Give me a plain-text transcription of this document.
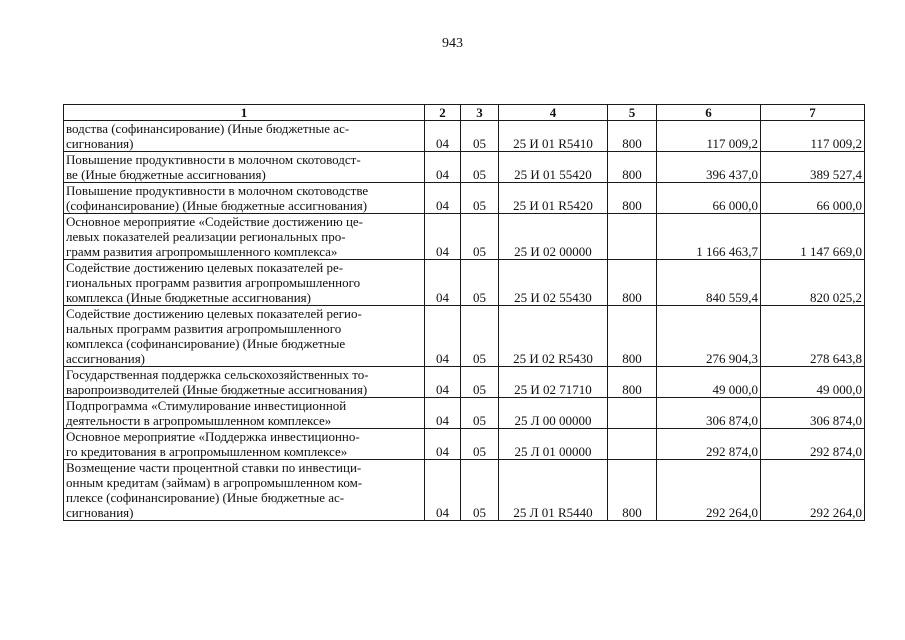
943
1	2	3	4	5	6	7
водства (софинансирование) (Иные бюджетные ас-
сигнования)	04	05	25 И 01 R5410	800	117 009,2	117 009,2
Повышение продуктивности в молочном скотоводст-
ве (Иные бюджетные ассигнования)	04	05	25 И 01 55420	800	396 437,0	389 527,4
Повышение продуктивности в молочном скотоводстве
(софинансирование) (Иные бюджетные ассигнования)	04	05	25 И 01 R5420	800	66 000,0	66 000,0
Основное мероприятие «Содействие достижению це-
левых показателей реализации региональных про-
грамм развития агропромышленного комплекса»	04	05	25 И 02 00000		1 166 463,7	1 147 669,0
Содействие достижению целевых показателей ре-
гиональных программ развития агропромышленного
комплекса (Иные бюджетные ассигнования)	04	05	25 И 02 55430	800	840 559,4	820 025,2
Содействие достижению целевых показателей регио-
нальных программ развития агропромышленного
комплекса (софинансирование) (Иные бюджетные
ассигнования)	04	05	25 И 02 R5430	800	276 904,3	278 643,8
Государственная поддержка сельскохозяйственных то-
варопроизводителей (Иные бюджетные ассигнования)	04	05	25 И 02 71710	800	49 000,0	49 000,0
Подпрограмма «Стимулирование инвестиционной
деятельности в агропромышленном комплексе»	04	05	25 Л 00 00000		306 874,0	306 874,0
Основное мероприятие «Поддержка инвестиционно-
го кредитования в агропромышленном комплексе»	04	05	25 Л 01 00000		292 874,0	292 874,0
Возмещение части процентной ставки по инвестици-
онным кредитам (займам) в агропромышленном ком-
плексе (софинансирование) (Иные бюджетные ас-
сигнования)	04	05	25 Л 01 R5440	800	292 264,0	292 264,0
